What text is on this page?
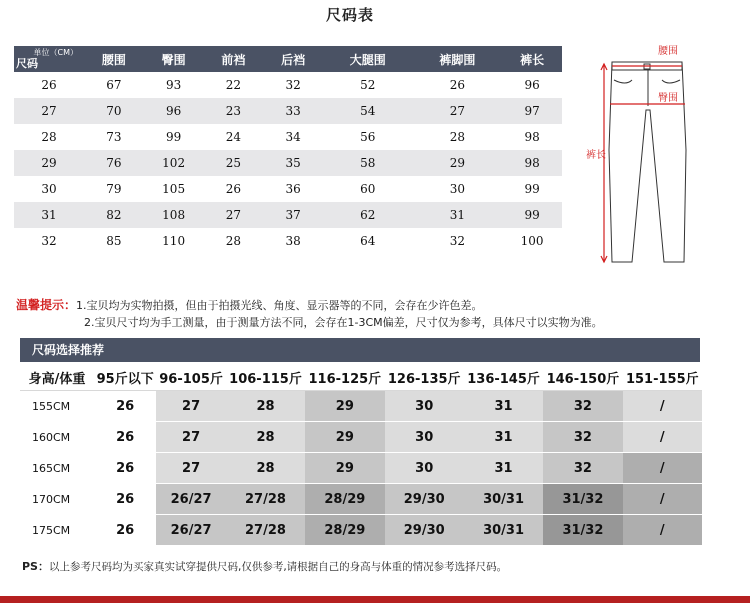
尺码表
单位（CM）
尺码	腰围	臀围	前裆	后裆	大腿围	裤脚围	裤长
26	67	93	22	32	52	26	96
27	70	96	23	33	54	27	97
28	73	99	24	34	56	28	98
29	76	102	25	35	58	29	98
30	79	105	26	36	60	30	99
31	82	108	27	37	62	31	99
32	85	110	28	38	64	32	100
腰围
臀围
裤长
温馨提示：1.宝贝均为实物拍摄，但由于拍摄光线、角度、显示器等的不同，会存在少许色差。
2.宝贝尺寸均为手工测量，由于测量方法不同，会存在1-3CM偏差，尺寸仅为参考，具体尺寸以实物为准。
尺码选择推荐
身高/体重	95斤以下	96-105斤	106-115斤	116-125斤	126-135斤	136-145斤	146-150斤	151-155斤
155CM	26	27	28	29	30	31	32	/
160CM	26	27	28	29	30	31	32	/
165CM	26	27	28	29	30	31	32	/
170CM	26	26/27	27/28	28/29	29/30	30/31	31/32	/
175CM	26	26/27	27/28	28/29	29/30	30/31	31/32	/
PS：以上参考尺码均为买家真实试穿提供尺码,仅供参考,请根据自己的身高与体重的情况参考选择尺码。
